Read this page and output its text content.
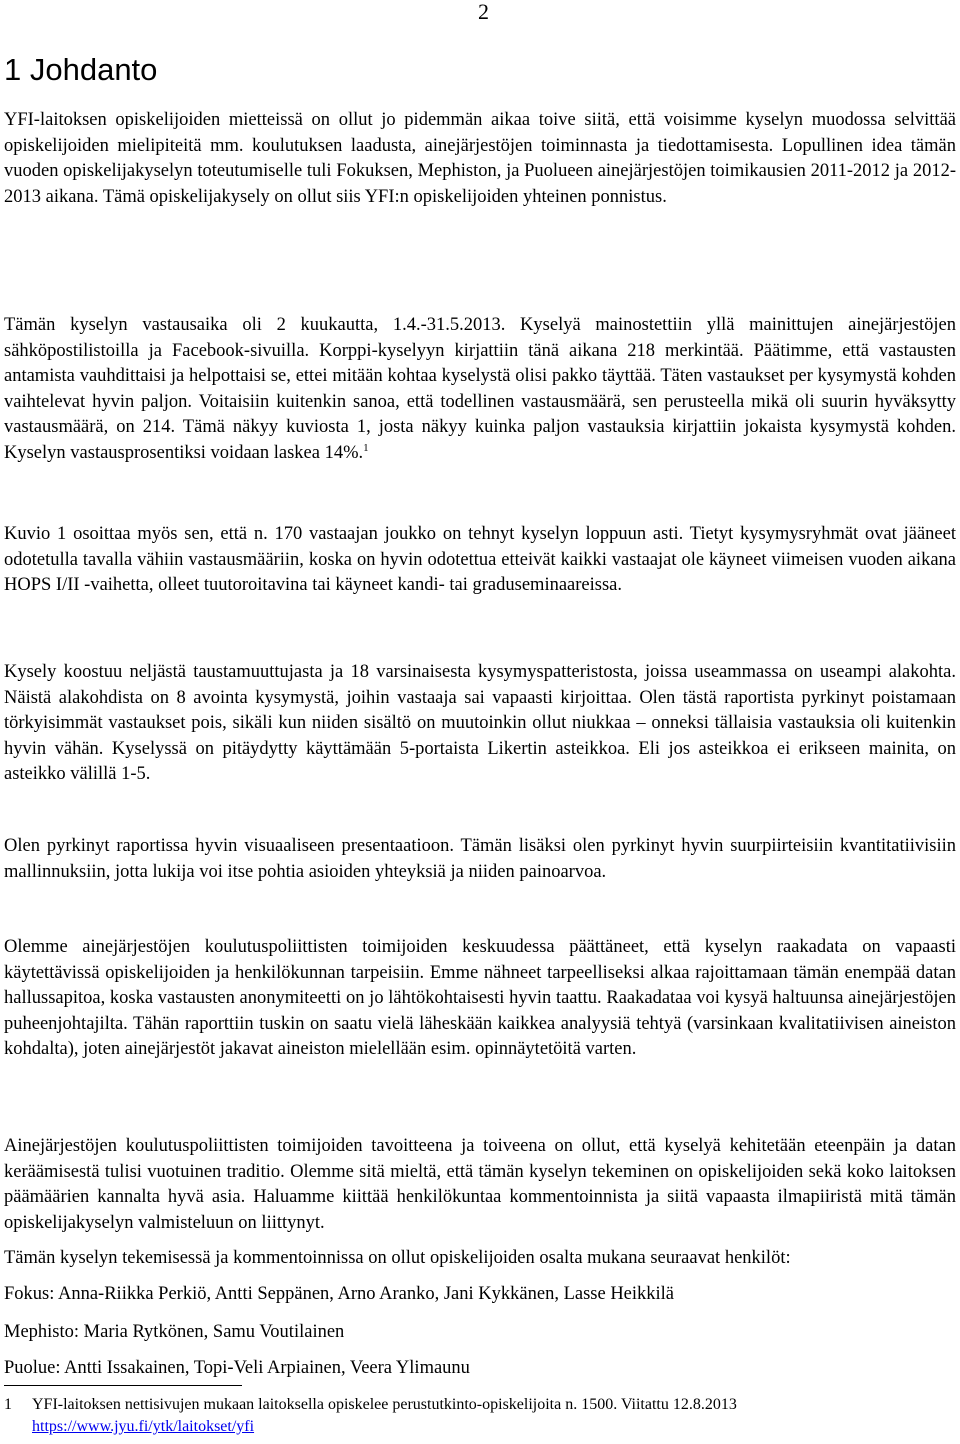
2
1 Johdanto

YFI-laitoksen opiskelijoiden mietteissä on ollut jo pidemmän aikaa toive siitä, että voisimme kyselyn muodossa selvittää opiskelijoiden mielipiteitä mm. koulutuksen laadusta, ainejärjestöjen toiminnasta ja tiedottamisesta. Lopullinen idea tämän vuoden opiskelijakyselyn toteutumiselle tuli Fokuksen, Mephiston, ja Puolueen ainejärjestöjen toimikausien 2011-2012 ja 2012-2013 aikana. Tämä opiskelijakysely on ollut siis YFI:n opiskelijoiden yhteinen ponnistus.

Tämän kyselyn vastausaika oli 2 kuukautta, 1.4.-31.5.2013. Kyselyä mainostettiin yllä mainittujen ainejärjestöjen sähköpostilistoilla ja Facebook-sivuilla. Korppi-kyselyyn kirjattiin tänä aikana 218 merkintää. Päätimme, että vastausten antamista vauhdittaisi ja helpottaisi se, ettei mitään kohtaa kyselystä olisi pakko täyttää. Täten vastaukset per kysymystä kohden vaihtelevat hyvin paljon. Voitaisiin kuitenkin sanoa, että todellinen vastausmäärä, sen perusteella mikä oli suurin hyväksytty vastausmäärä, on 214. Tämä näkyy kuviosta 1, josta näkyy kuinka paljon vastauksia kirjattiin jokaista kysymystä kohden. Kyselyn vastausprosentiksi voidaan laskea 14%.$^1$

Kuvio 1 osoittaa myös sen, että n. 170 vastaajan joukko on tehnyt kyselyn loppuun asti. Tietyt kysymysryhmät ovat jääneet odotetulla tavalla vähiin vastausmääriin, koska on hyvin odotettua etteivät kaikki vastaajat ole käyneet viimeisen vuoden aikana HOPS I/II -vaihetta, olleet tuutoroitavina tai käyneet kandi- tai graduseminaareissa.

Kysely koostuu neljästä taustamuuttujasta ja 18 varsinaisesta kysymyspatteristosta, joissa useammassa on useampi alakohta. Näistä alakohdista on 8 avointa kysymystä, joihin vastaaja sai vapaasti kirjoittaa. Olen tästä raportista pyrkinyt poistamaan törkyisimmät vastaukset pois, sikäli kun niiden sisältö on muutoinkin ollut niukkaa – onneksi tällaisia vastauksia oli kuitenkin hyvin vähän. Kyselyssä on pitäydytty käyttämään 5-portaista Likertin asteikkoa. Eli jos asteikkoa ei erikseen mainita, on asteikko välillä 1-5.

Olen pyrkinyt raportissa hyvin visuaaliseen presentaatioon. Tämän lisäksi olen pyrkinyt hyvin suurpiirteisiin kvantitatiivisiin mallinnuksiin, jotta lukija voi itse pohtia asioiden yhteyksiä ja niiden painoarvoa.

Olemme ainejärjestöjen koulutuspoliittisten toimijoiden keskuudessa päättäneet, että kyselyn raakadata on vapaasti käytettävissä opiskelijoiden ja henkilökunnan tarpeisiin. Emme nähneet tarpeelliseksi alkaa rajoittamaan tämän enempää datan hallussapitoa, koska vastausten anonymiteetti on jo lähtökohtaisesti hyvin taattu. Raakadataa voi kysyä haltuunsa ainejärjestöjen puheenjohtajilta. Tähän raporttiin tuskin on saatu vielä läheskään kaikkea analyysiä tehtyä (varsinkaan kvalitatiivisen aineiston kohdalta), joten ainejärjestöt jakavat aineiston mielellään esim. opinnäytetöitä varten.

Ainejärjestöjen koulutuspoliittisten toimijoiden tavoitteena ja toiveena on ollut, että kyselyä kehitetään eteenpäin ja datan keräämisestä tulisi vuotuinen traditio. Olemme sitä mieltä, että tämän kyselyn tekeminen on opiskelijoiden sekä koko laitoksen päämäärien kannalta hyvä asia. Haluamme kiittää henkilökuntaa kommentoinnista ja siitä vapaasta ilmapiiristä mitä tämän opiskelijakyselyn valmisteluun on liittynyt.

Tämän kyselyn tekemisessä ja kommentoinnissa on ollut opiskelijoiden osalta mukana seuraavat henkilöt:

Fokus: Anna-Riikka Perkiö, Antti Seppänen, Arno Aranko, Jani Kykkänen, Lasse Heikkilä

Mephisto: Maria Rytkönen, Samu Voutilainen

Puolue: Antti Issakainen, Topi-Veli Arpiainen, Veera Ylimaunu

1 YFI-laitoksen nettisivujen mukaan laitoksella opiskelee perustutkinto-opiskelijoita n. 1500. Viitattu 12.8.2013
https://www.jyu.fi/ytk/laitokset/yfi
